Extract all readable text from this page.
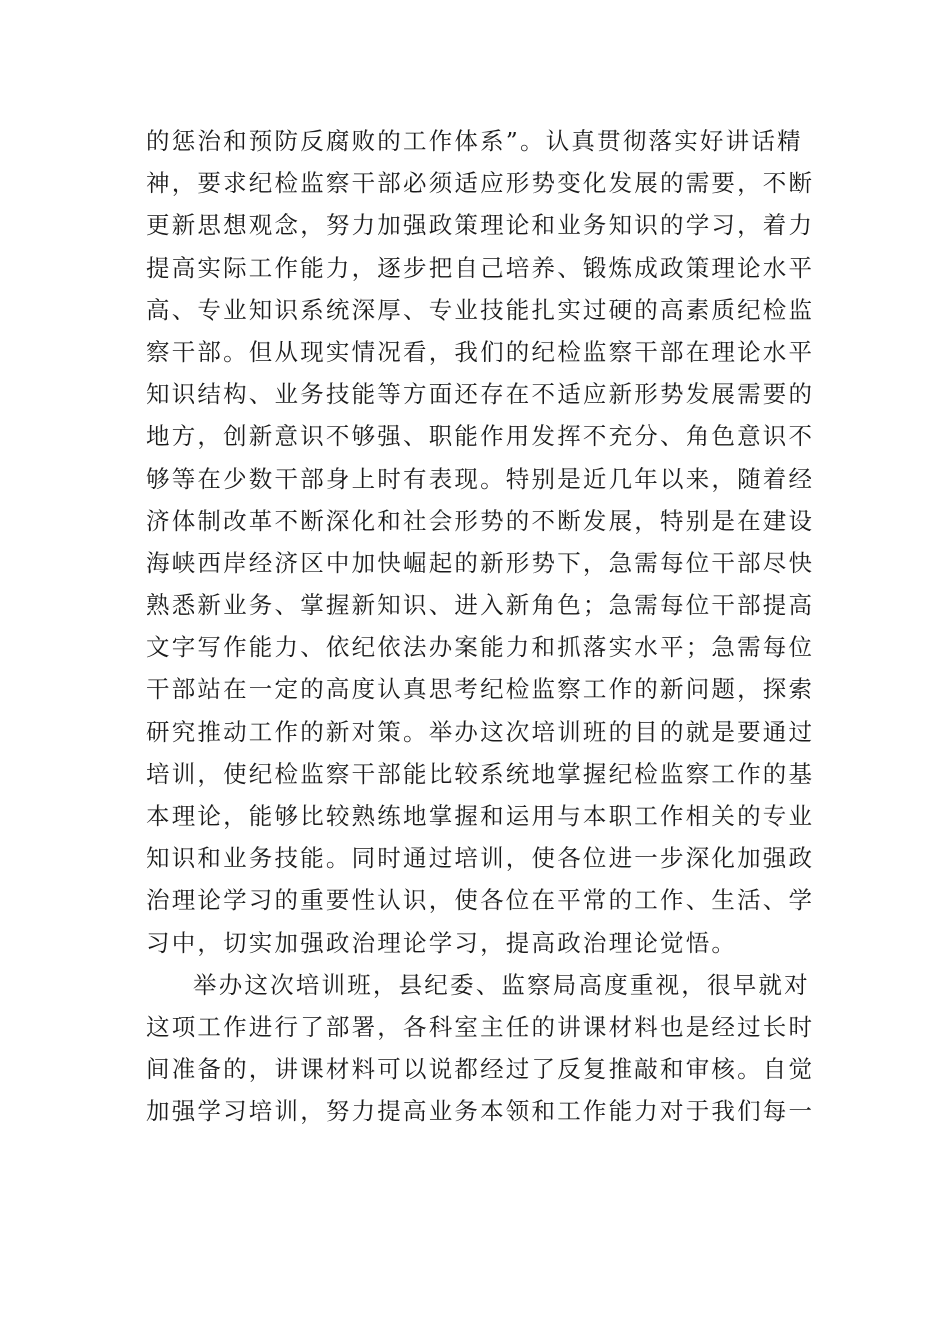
的惩治和预防反腐败的工作体系”。认真贯彻落实好讲话精
神，要求纪检监察干部必须适应形势变化发展的需要，不断
更新思想观念，努力加强政策理论和业务知识的学习，着力
提高实际工作能力，逐步把自己培养、锻炼成政策理论水平
高、专业知识系统深厚、专业技能扎实过硬的高素质纪检监
察干部。但从现实情况看，我们的纪检监察干部在理论水平
知识结构、业务技能等方面还存在不适应新形势发展需要的
地方，创新意识不够强、职能作用发挥不充分、角色意识不
够等在少数干部身上时有表现。特别是近几年以来，随着经
济体制改革不断深化和社会形势的不断发展，特别是在建设
海峡西岸经济区中加快崛起的新形势下，急需每位干部尽快
熟悉新业务、掌握新知识、进入新角色；急需每位干部提高
文字写作能力、依纪依法办案能力和抓落实水平；急需每位
干部站在一定的高度认真思考纪检监察工作的新问题，探索
研究推动工作的新对策。举办这次培训班的目的就是要通过
培训，使纪检监察干部能比较系统地掌握纪检监察工作的基
本理论，能够比较熟练地掌握和运用与本职工作相关的专业
知识和业务技能。同时通过培训，使各位进一步深化加强政
治理论学习的重要性认识，使各位在平常的工作、生活、学
习中，切实加强政治理论学习，提高政治理论觉悟。
举办这次培训班，县纪委、监察局高度重视，很早就对
这项工作进行了部署，各科室主任的讲课材料也是经过长时
间准备的，讲课材料可以说都经过了反复推敲和审核。自觉
加强学习培训，努力提高业务本领和工作能力对于我们每一
